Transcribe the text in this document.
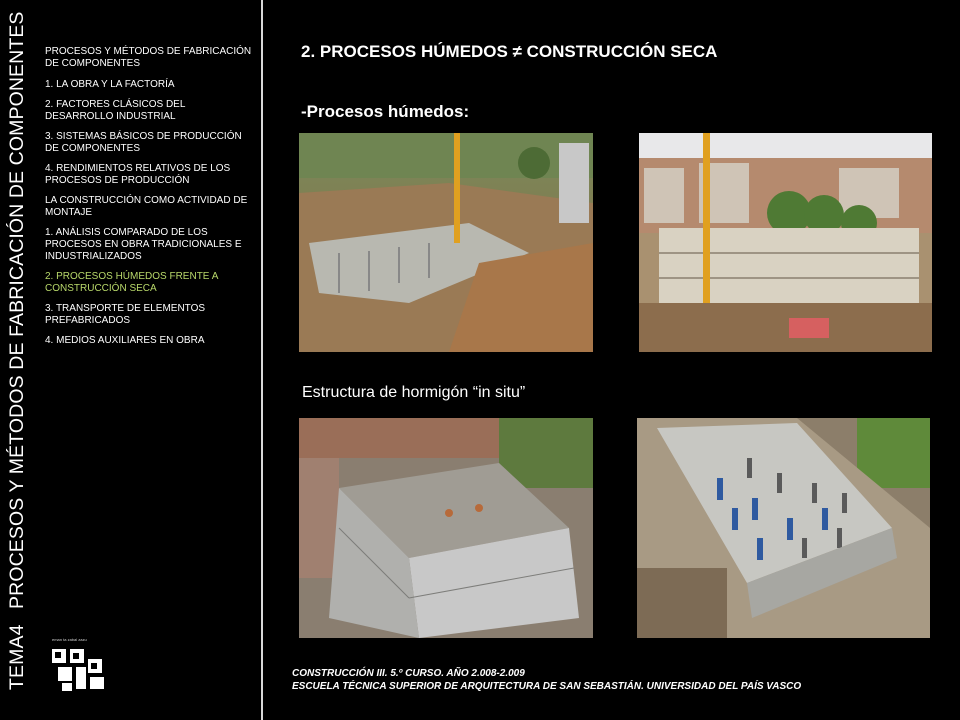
TEMA4 PROCESOS Y MÉTODOS DE FABRICACIÓN DE COMPONENTES PROCESOS Y MÉTODOS DE FABRICACIÓN
DE COMPONENTES
1. LA OBRA Y LA FACTORÍA
2. FACTORES CLÁSICOS DEL DESARROLLO INDUSTRIAL
3. SISTEMAS BÁSICOS DE PRODUCCIÓN DE COMPONENTES
4. RENDIMIENTOS RELATIVOS DE LOS PROCESOS DE PRODUCCIÓN
LA CONSTRUCCIÓN COMO ACTIVIDAD DE MONTAJE
1. ANÁLISIS COMPARADO DE LOS PROCESOS EN OBRA TRADICIONALES E INDUSTRIALIZADOS
2. PROCESOS HÚMEDOS FRENTE A CONSTRUCCIÓN SECA
3. TRANSPORTE DE ELEMENTOS PREFABRICADOS
4. MEDIOS AUXILIARES EN OBRA
eman ta zabal zazu
2. PROCESOS HÚMEDOS ≠ CONSTRUCCIÓN SECA
-Procesos húmedos:
Estructura de hormigón “in situ”
CONSTRUCCIÓN III. 5.º CURSO. AÑO 2.008-2.009
ESCUELA TÉCNICA SUPERIOR DE ARQUITECTURA DE SAN SEBASTIÁN. UNIVERSIDAD DEL PAÍS VASCO
